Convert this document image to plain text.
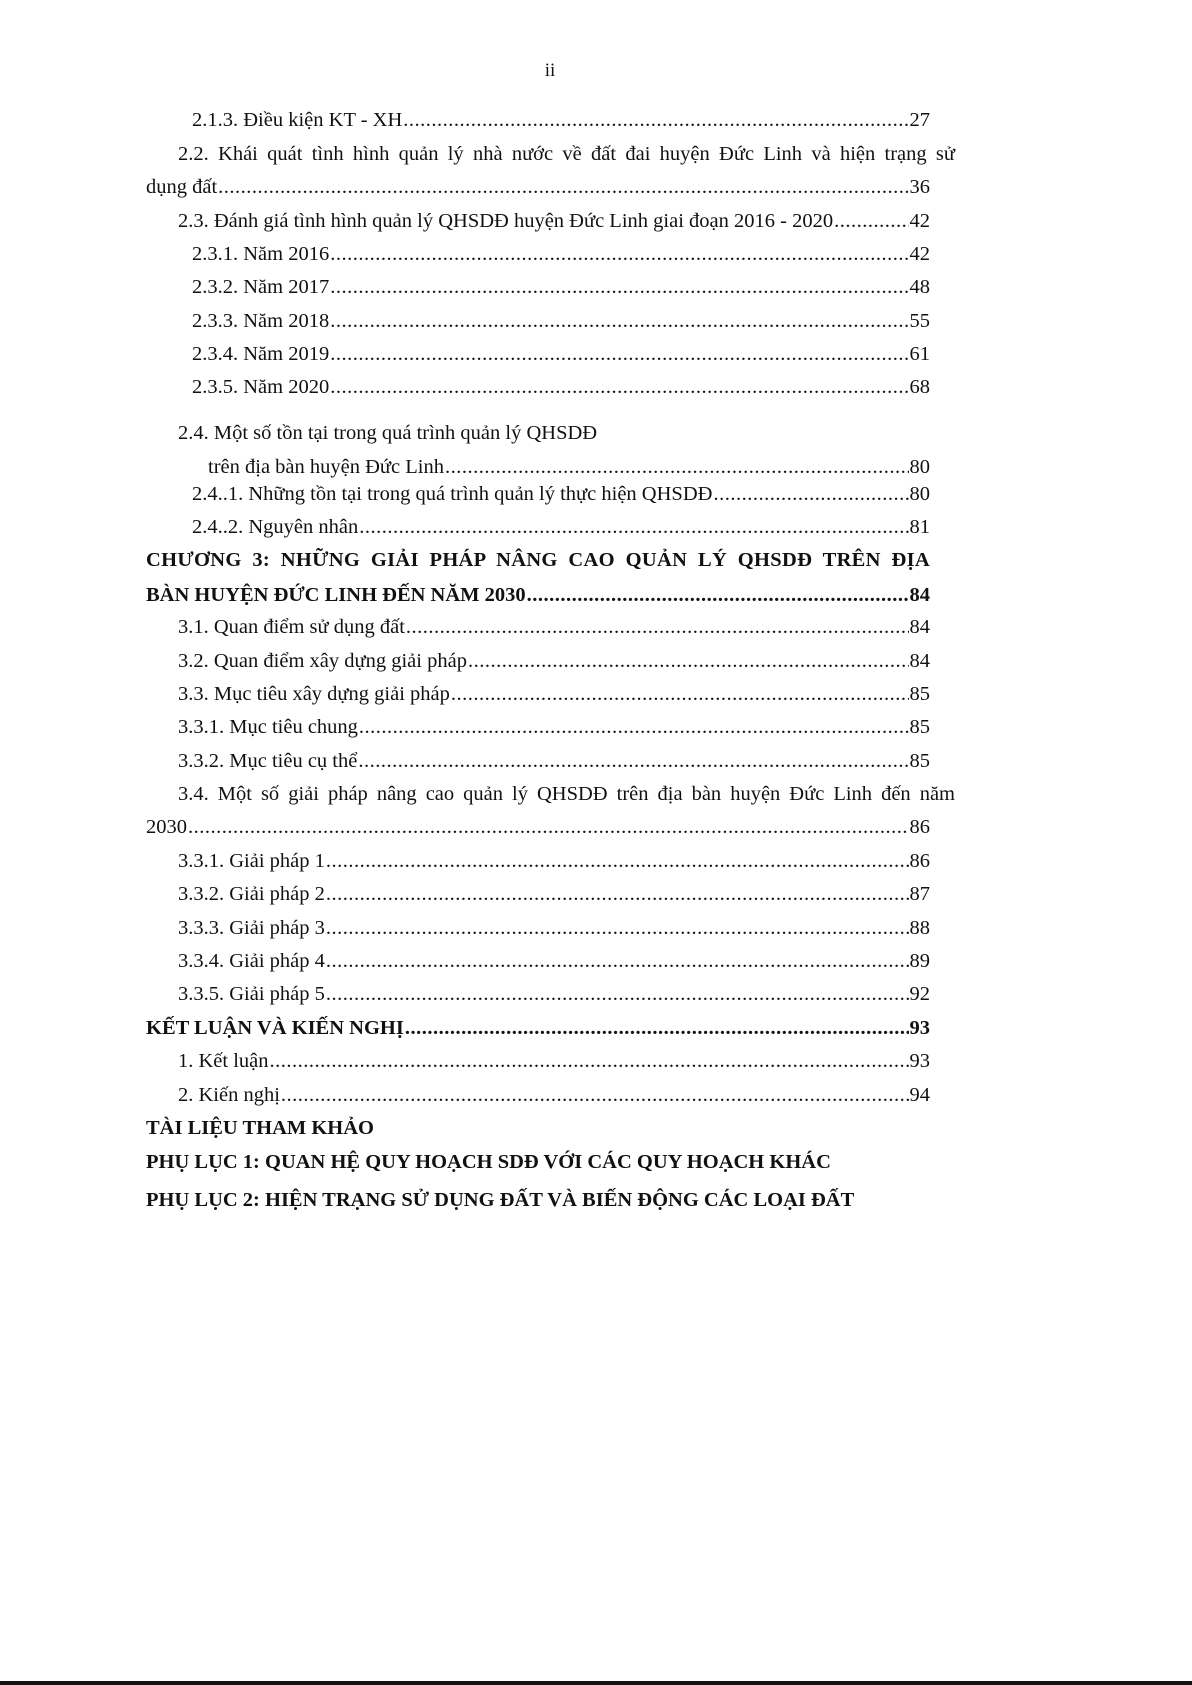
ii
2.1.3. Điều kiện KT - XH .....	27
2.2. Khái quát tình hình quản lý nhà nước về đất đai huyện Đức Linh và hiện trạng sử
dụng đất .....	36
2.3. Đánh giá tình hình quản lý QHSDĐ huyện Đức Linh giai đoạn 2016 - 2020 .....	42
2.3.1. Năm 2016 .....	42
2.3.2. Năm 2017 .....	48
2.3.3. Năm 2018 .....	55
2.3.4. Năm 2019 .....	61
2.3.5. Năm 2020 .....	68
2.4. Một số tồn tại trong quá trình quản lý QHSDĐ
trên địa bàn huyện Đức Linh .....	80
2.4..1. Những tồn tại trong quá trình quản lý thực hiện QHSDĐ .....	80
2.4..2. Nguyên nhân .....	81
CHƯƠNG 3: NHỮNG GIẢI PHÁP NÂNG CAO QUẢN LÝ QHSDĐ TRÊN ĐỊA
BÀN HUYỆN ĐỨC LINH ĐẾN NĂM 2030 .....	84
3.1. Quan điểm sử dụng đất .....	84
3.2. Quan điểm xây dựng giải pháp .....	84
3.3. Mục tiêu xây dựng giải pháp .....	85
3.3.1. Mục tiêu chung .....	85
3.3.2. Mục tiêu cụ thể .....	85
3.4. Một số giải pháp nâng cao quản lý QHSDĐ trên địa bàn huyện Đức Linh đến năm
2030 .....	86
3.3.1. Giải pháp 1 .....	86
3.3.2. Giải pháp 2 .....	87
3.3.3. Giải pháp 3 .....	88
3.3.4. Giải pháp 4 .....	89
3.3.5. Giải pháp 5 .....	92
KẾT LUẬN VÀ KIẾN NGHỊ .....	93
1. Kết luận .....	93
2. Kiến nghị .....	94
TÀI LIỆU THAM KHẢO
PHỤ LỤC 1: QUAN HỆ QUY HOẠCH SDĐ VỚI CÁC QUY HOẠCH KHÁC
PHỤ LỤC 2: HIỆN TRẠNG SỬ DỤNG ĐẤT VÀ BIẾN ĐỘNG CÁC LOẠI ĐẤT
